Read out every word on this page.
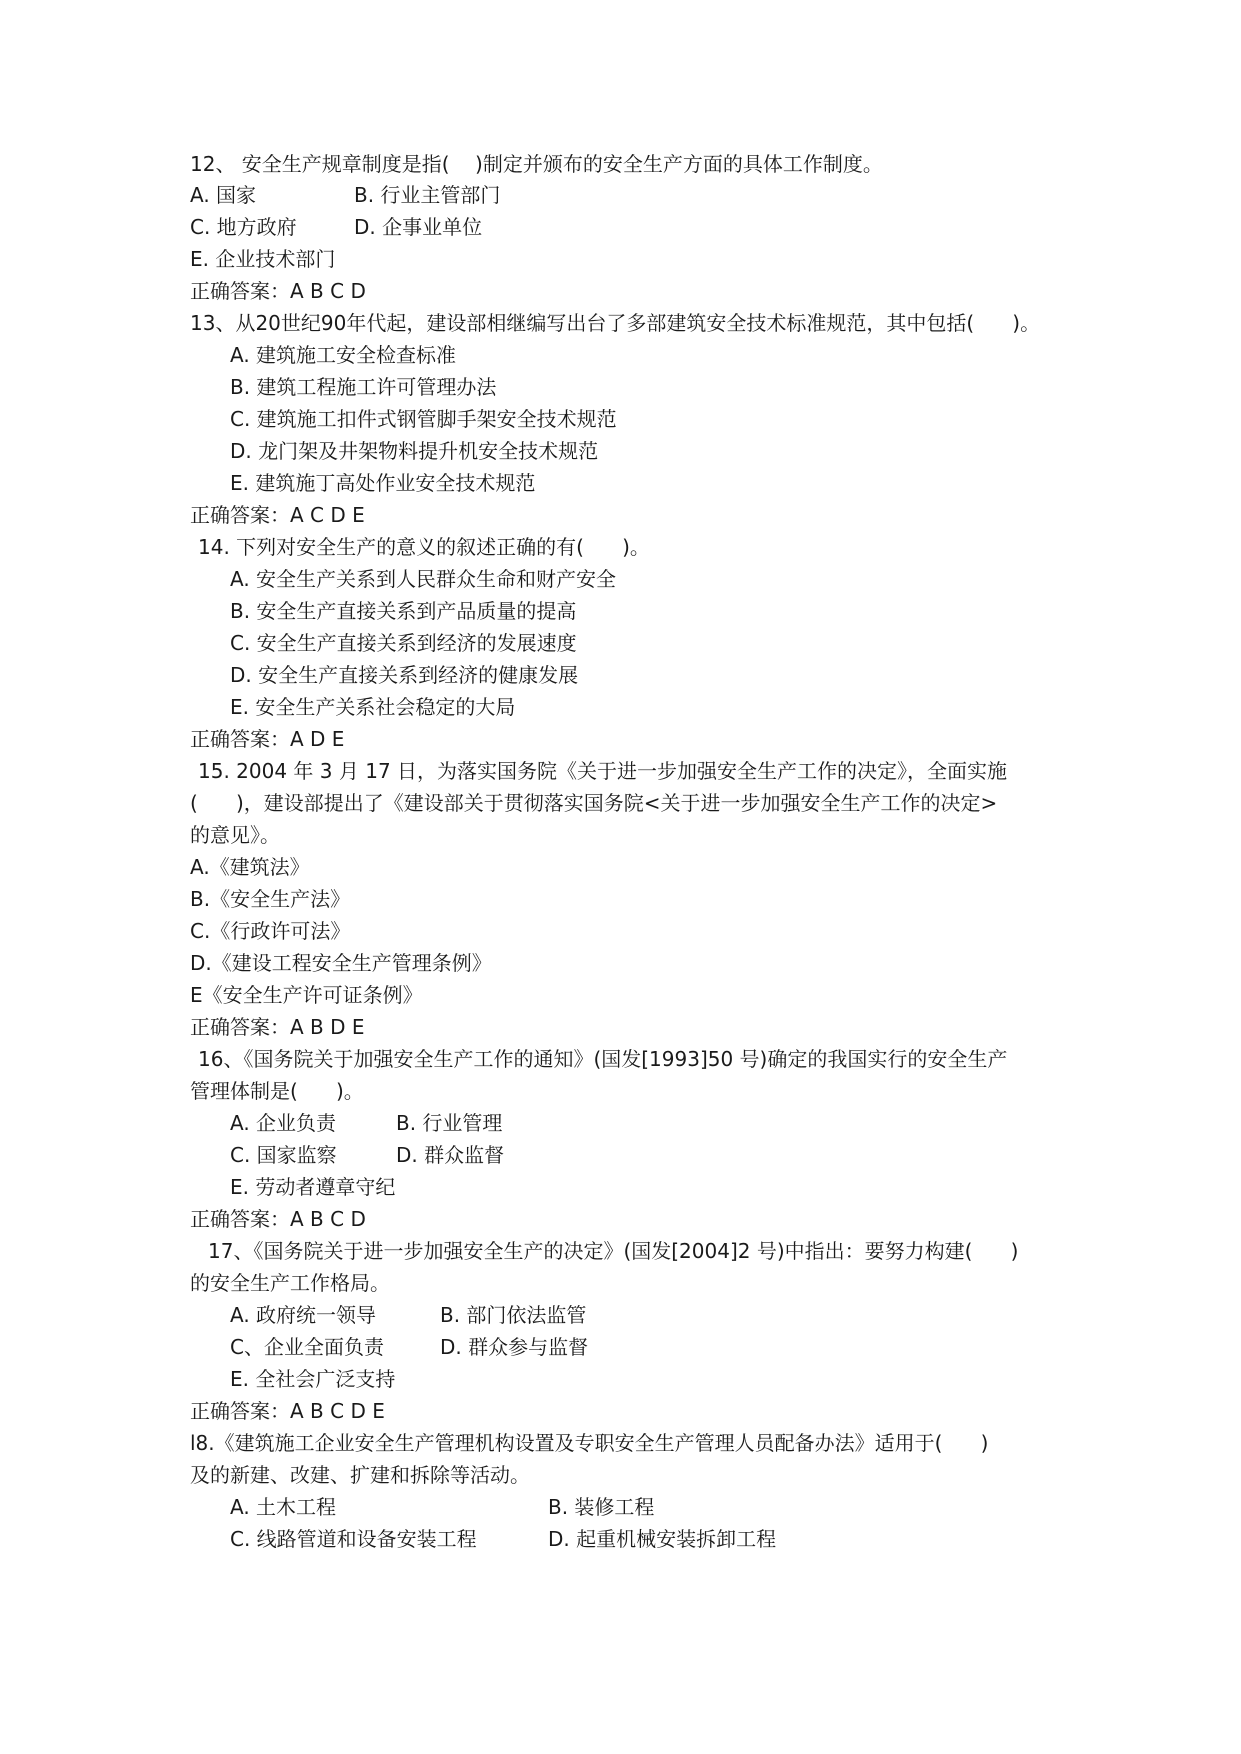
12、 安全生产规章制度是指(    )制定并颁布的安全生产方面的具体工作制度。
A. 国家	B. 行业主管部门
C. 地方政府	D. 企事业单位
E. 企业技术部门
正确答案：A B C D
13、从20世纪90年代起，建设部相继编写出台了多部建筑安全技术标准规范，其中包括(      )。
A. 建筑施工安全检查标准
B. 建筑工程施工许可管理办法
C. 建筑施工扣件式钢管脚手架安全技术规范
D. 龙门架及井架物料提升机安全技术规范
E. 建筑施丁高处作业安全技术规范
正确答案：A C D E
14. 下列对安全生产的意义的叙述正确的有(      )。
A. 安全生产关系到人民群众生命和财产安全
B. 安全生产直接关系到产品质量的提高
C. 安全生产直接关系到经济的发展速度
D. 安全生产直接关系到经济的健康发展
E. 安全生产关系社会稳定的大局
正确答案：A D E
15. 2004 年 3 月 17 日，为落实国务院《关于进一步加强安全生产工作的决定》，全面实施
(      )，建设部提出了《建设部关于贯彻落实国务院<关于进一步加强安全生产工作的决定>
的意见》。
A.《建筑法》
B.《安全生产法》
C.《行政许可法》
D.《建设工程安全生产管理条例》
E《安全生产许可证条例》
正确答案：A B D E
16、《国务院关于加强安全生产工作的通知》(国发[1993]50 号)确定的我国实行的安全生产
管理体制是(      )。
A. 企业负责	B. 行业管理
C. 国家监察	D. 群众监督
E. 劳动者遵章守纪
正确答案：A B C D
17、《国务院关于进一步加强安全生产的决定》(国发[2004]2 号)中指出：要努力构建(      )
的安全生产工作格局。
A. 政府统一领导	B. 部门依法监管
C、企业全面负责	D. 群众参与监督
E. 全社会广泛支持
正确答案：A B C D E
l8.《建筑施工企业安全生产管理机构设置及专职安全生产管理人员配备办法》适用于(      )
及的新建、改建、扩建和拆除等活动。
A. 土木工程	B. 装修工程
C. 线路管道和设备安装工程	D. 起重机械安装拆卸工程
